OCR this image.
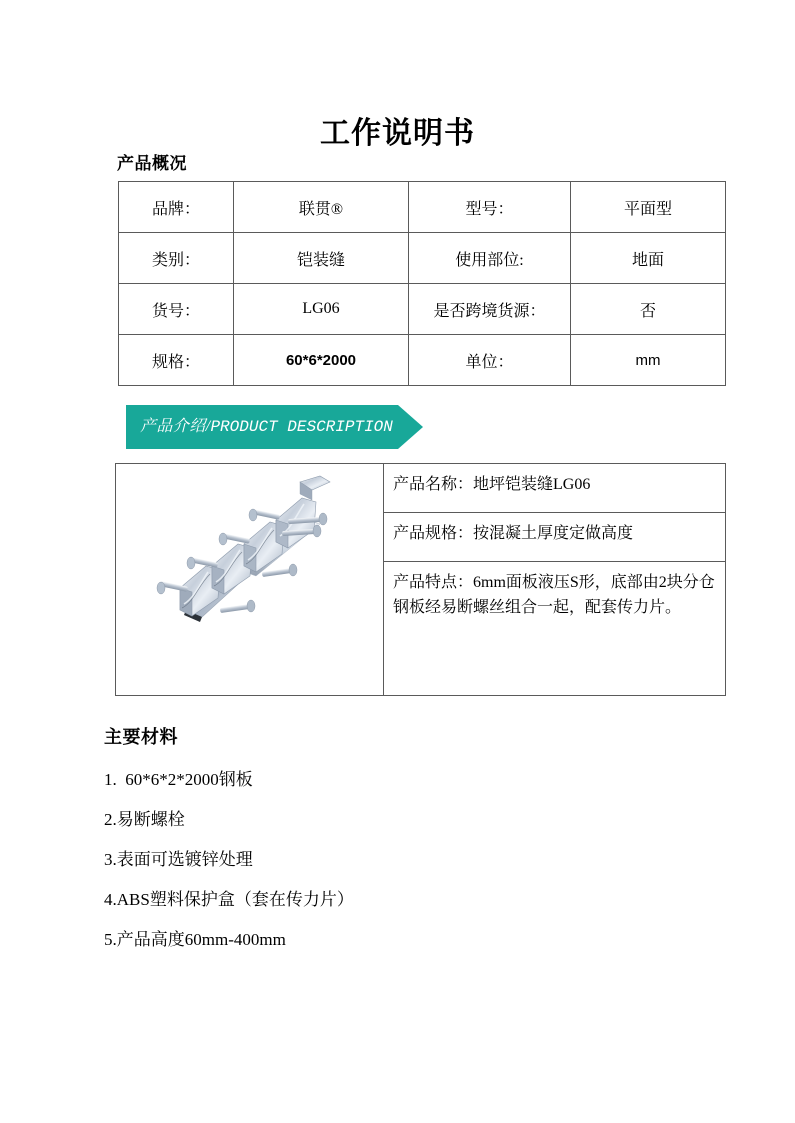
工作说明书
产品概况
品牌：	联贯®	型号：	平面型
类别：	铠装缝	使用部位:	地面
货号：	LG06	是否跨境货源：	否
规格：	60*6*2000	单位：	mm
产品介绍/PRODUCT DESCRIPTION

产品名称：地坪铠装缝LG06

产品规格：按混凝土厚度定做高度

产品特点：6mm面板液压S形，底部由2块分仓钢板经易断螺丝组合一起，配套传力片。
主要材料
1.  60*6*2*2000钢板
2.易断螺栓
3.表面可选镀锌处理
4.ABS塑料保护盒（套在传力片）
5.产品高度60mm-400mm
